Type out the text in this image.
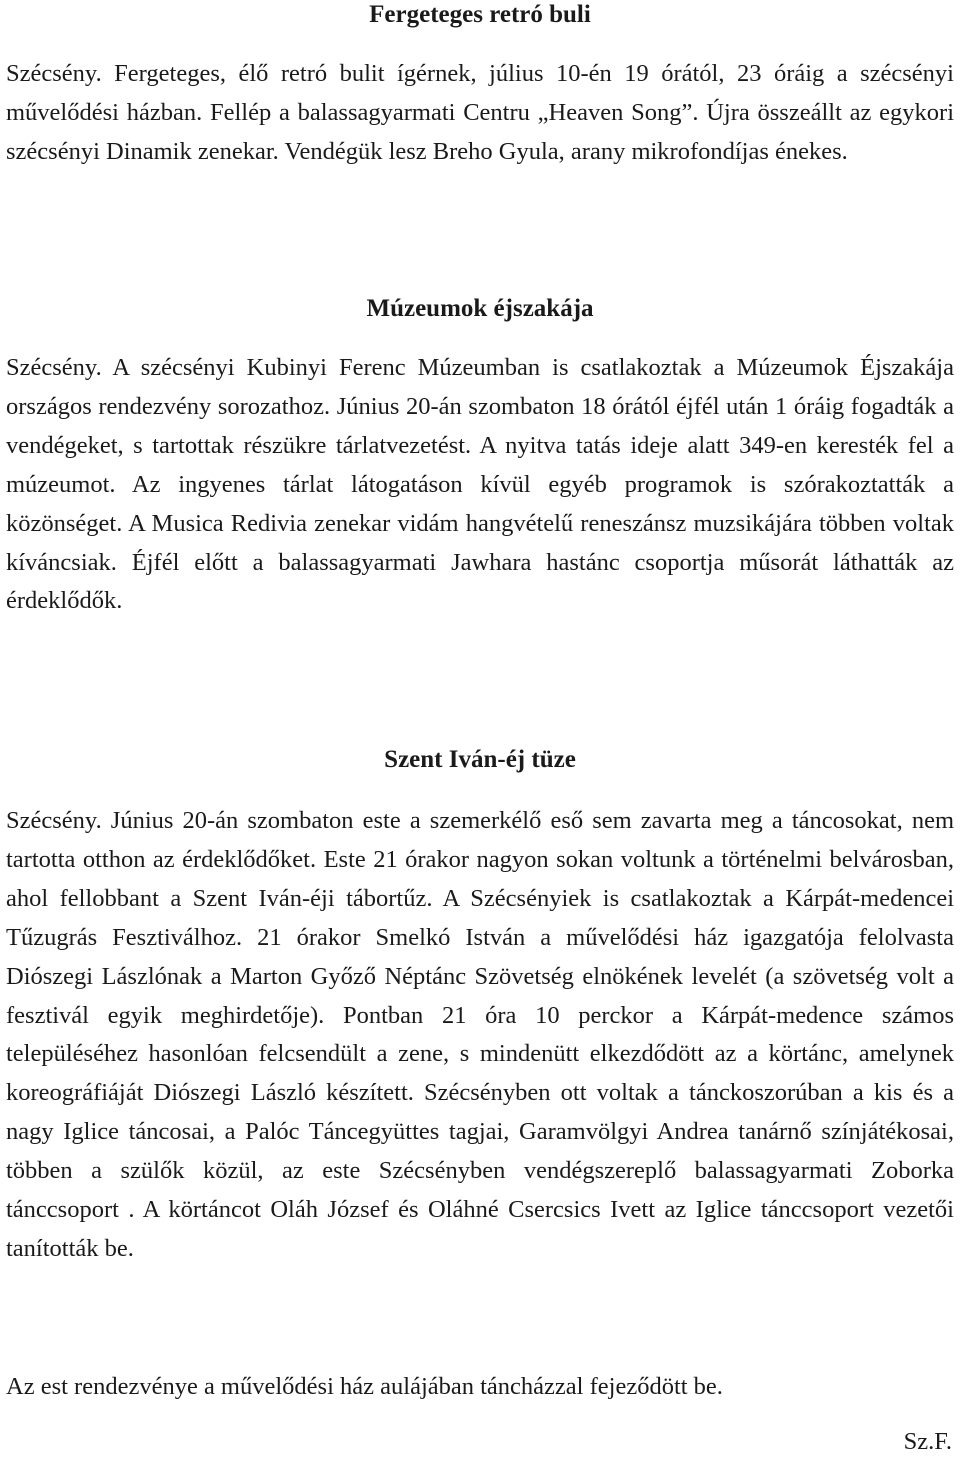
Fergeteges retró buli

Szécsény. Fergeteges, élő retró bulit ígérnek, július 10-én 19 órától, 23 óráig a szécsényi művelődési házban. Fellép a balassagyarmati Centru „Heaven Song”. Újra összeállt az egykori szécsényi Dinamik zenekar. Vendégük lesz Breho Gyula, arany mikrofondíjas énekes.

Múzeumok éjszakája

Szécsény. A szécsényi Kubinyi Ferenc Múzeumban is csatlakoztak a Múzeumok Éjszakája országos rendezvény sorozathoz. Június 20-án szombaton 18 órától éjfél után 1 óráig fogadták a vendégeket, s tartottak részükre tárlatvezetést. A nyitva tatás ideje alatt 349-en keresték fel a múzeumot. Az ingyenes tárlat látogatáson kívül egyéb programok is szórakoztatták a közönséget. A Musica Redivia zenekar vidám hangvételű reneszánsz muzsikájára többen voltak kíváncsiak. Éjfél előtt a balassagyarmati Jawhara hastánc csoportja műsorát láthatták az érdeklődők.

Szent Iván-éj tüze

Szécsény. Június 20-án szombaton este a szemerkélő eső sem zavarta meg a táncosokat, nem tartotta otthon az érdeklődőket. Este 21 órakor nagyon sokan voltunk a történelmi belvárosban, ahol fellobbant a Szent Iván-éji tábortűz. A Szécsényiek is csatlakoztak a Kárpát-medencei Tűzugrás Fesztiválhoz. 21 órakor Smelkó István a művelődési ház igazgatója felolvasta Diószegi Lászlónak a Marton Győző Néptánc Szövetség elnökének levelét (a szövetség volt a fesztivál egyik meghirdetője). Pontban 21 óra 10 perckor a Kárpát-medence számos településéhez hasonlóan felcsendült a zene, s mindenütt elkezdődött az a körtánc, amelynek koreográfiáját Diószegi László készített. Szécsényben ott voltak a tánckoszorúban a kis és a nagy Iglice táncosai, a Palóc Táncegyüttes tagjai, Garamvölgyi Andrea tanárnő színjátékosai, többen a szülők közül, az este Szécsényben vendégszereplő balassagyarmati Zoborka tánccsoport . A körtáncot Oláh József és Oláhné Csercsics Ivett az Iglice tánccsoport vezetői tanították be.

Az est rendezvénye a művelődési ház aulájában táncházzal fejeződött be.

Sz.F.
